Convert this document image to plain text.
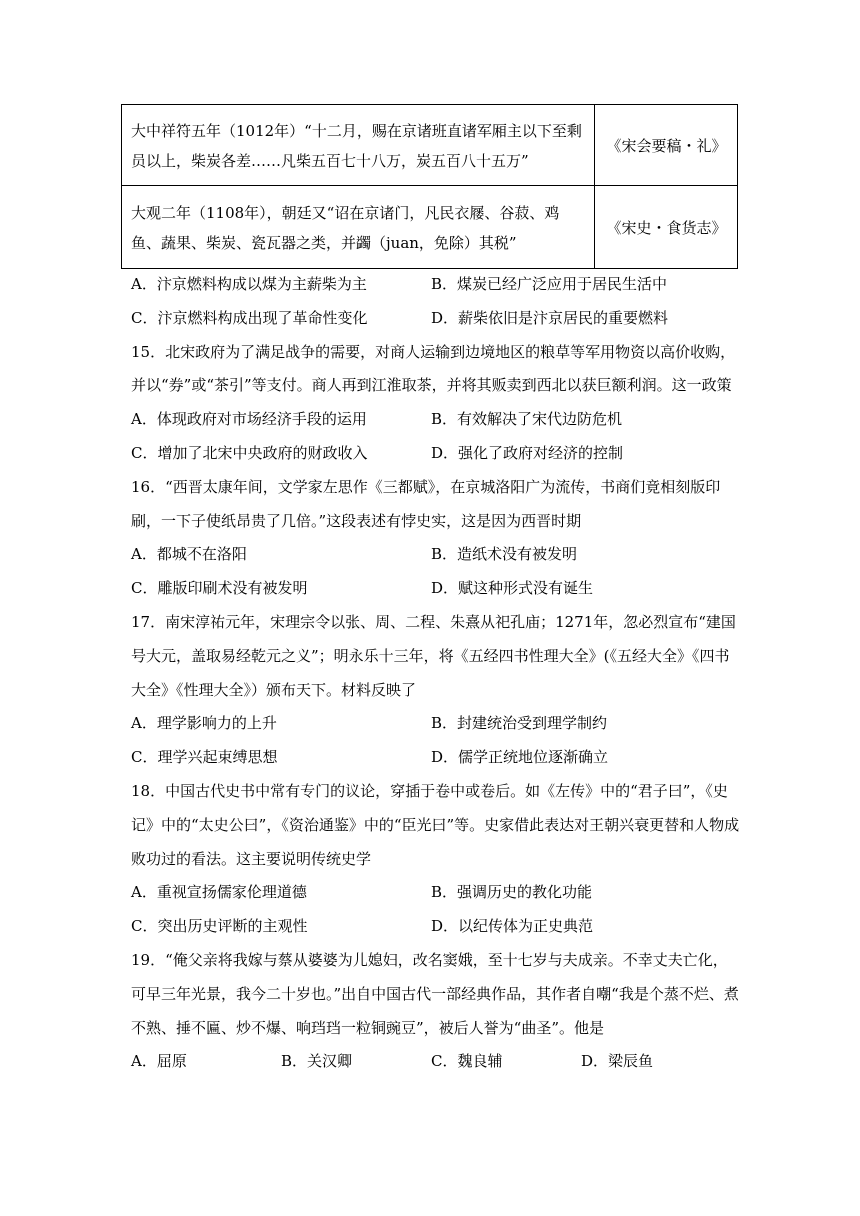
大中祥符五年（1012年）“十二月，赐在京诸班直诸军厢主以下至剩员以上，柴炭各差……凡柴五百七十八万，炭五百八十五万”	《宋会要稿・礼》
大观二年（1108年），朝廷又“诏在京诸门，凡民衣屦、谷菽、鸡鱼、蔬果、柴炭、瓷瓦器之类，并蠲（juan，免除）其税”	《宋史・食货志》
A．汴京燃料构成以煤为主薪柴为主	B．煤炭已经广泛应用于居民生活中
C．汴京燃料构成出现了革命性变化	D．薪柴依旧是汴京居民的重要燃料
15．北宋政府为了满足战争的需要，对商人运输到边境地区的粮草等军用物资以高价收购，并以“券”或“茶引”等支付。商人再到江淮取茶，并将其贩卖到西北以获巨额利润。这一政策
A．体现政府对市场经济手段的运用	B．有效解决了宋代边防危机
C．增加了北宋中央政府的财政收入	D．强化了政府对经济的控制
16．“西晋太康年间，文学家左思作《三都赋》，在京城洛阳广为流传，书商们竟相刻版印刷，一下子使纸昂贵了几倍。”这段表述有悖史实，这是因为西晋时期
A．都城不在洛阳	B．造纸术没有被发明
C．雕版印刷术没有被发明	D．赋这种形式没有诞生
17．南宋淳祐元年，宋理宗令以张、周、二程、朱熹从祀孔庙；1271年，忽必烈宣布“建国号大元，盖取易经乾元之义”；明永乐十三年，将《五经四书性理大全》(《五经大全》《四书大全》《性理大全》）颁布天下。材料反映了
A．理学影响力的上升	B．封建统治受到理学制约
C．理学兴起束缚思想	D．儒学正统地位逐渐确立
18．中国古代史书中常有专门的议论，穿插于卷中或卷后。如《左传》中的“君子曰”，《史记》中的“太史公曰”，《资治通鉴》中的“臣光曰”等。史家借此表达对王朝兴衰更替和人物成败功过的看法。这主要说明传统史学
A．重视宣扬儒家伦理道德	B．强调历史的教化功能
C．突出历史评断的主观性	D．以纪传体为正史典范
19．“俺父亲将我嫁与蔡从婆婆为儿媳妇，改名窦娥，至十七岁与夫成亲。不幸丈夫亡化，可早三年光景，我今二十岁也。”出自中国古代一部经典作品，其作者自嘲“我是个蒸不烂、煮不熟、捶不匾、炒不爆、响珰珰一粒铜豌豆”，被后人誉为“曲圣”。他是
A．屈原	B．关汉卿	C．魏良辅	D．梁辰鱼
